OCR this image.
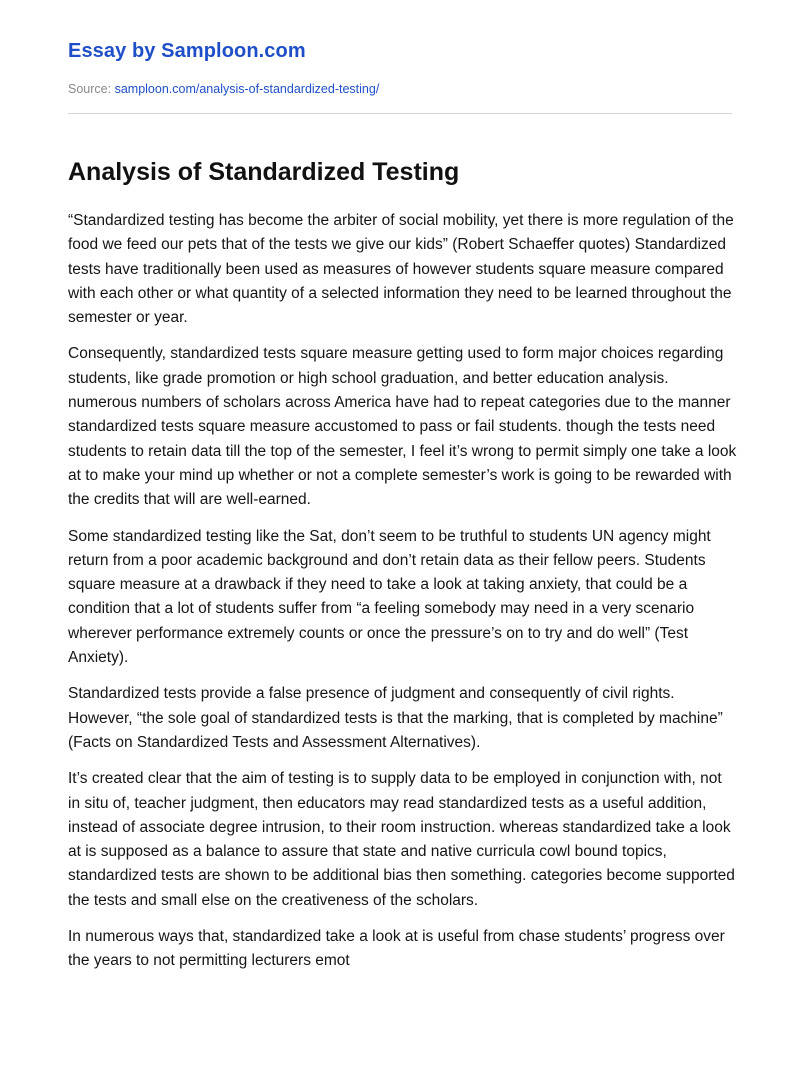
Essay by Samploon.com
Source: samploon.com/analysis-of-standardized-testing/
Analysis of Standardized Testing

“Standardized testing has become the arbiter of social mobility, yet there is more regulation of the food we feed our pets that of the tests we give our kids” (Robert Schaeffer quotes) Standardized tests have traditionally been used as measures of however students square measure compared with each other or what quantity of a selected information they need to be learned throughout the semester or year.

Consequently, standardized tests square measure getting used to form major choices regarding students, like grade promotion or high school graduation, and better education analysis. numerous numbers of scholars across America have had to repeat categories due to the manner standardized tests square measure accustomed to pass or fail students. though the tests need students to retain data till the top of the semester, I feel it’s wrong to permit simply one take a look at to make your mind up whether or not a complete semester’s work is going to be rewarded with the credits that will are well-earned.

Some standardized testing like the Sat, don’t seem to be truthful to students UN agency might return from a poor academic background and don’t retain data as their fellow peers. Students square measure at a drawback if they need to take a look at taking anxiety, that could be a condition that a lot of students suffer from “a feeling somebody may need in a very scenario wherever performance extremely counts or once the pressure’s on to try and do well” (Test Anxiety).

Standardized tests provide a false presence of judgment and consequently of civil rights. However, “the sole goal of standardized tests is that the marking, that is completed by machine” (Facts on Standardized Tests and Assessment Alternatives).

It’s created clear that the aim of testing is to supply data to be employed in conjunction with, not in situ of, teacher judgment, then educators may read standardized tests as a useful addition, instead of associate degree intrusion, to their room instruction. whereas standardized take a look at is supposed as a balance to assure that state and native curricula cowl bound topics, standardized tests are shown to be additional bias then something. categories become supported the tests and small else on the creativeness of the scholars.

In numerous ways that, standardized take a look at is useful from chase students’ progress over the years to not permitting lecturers emot
